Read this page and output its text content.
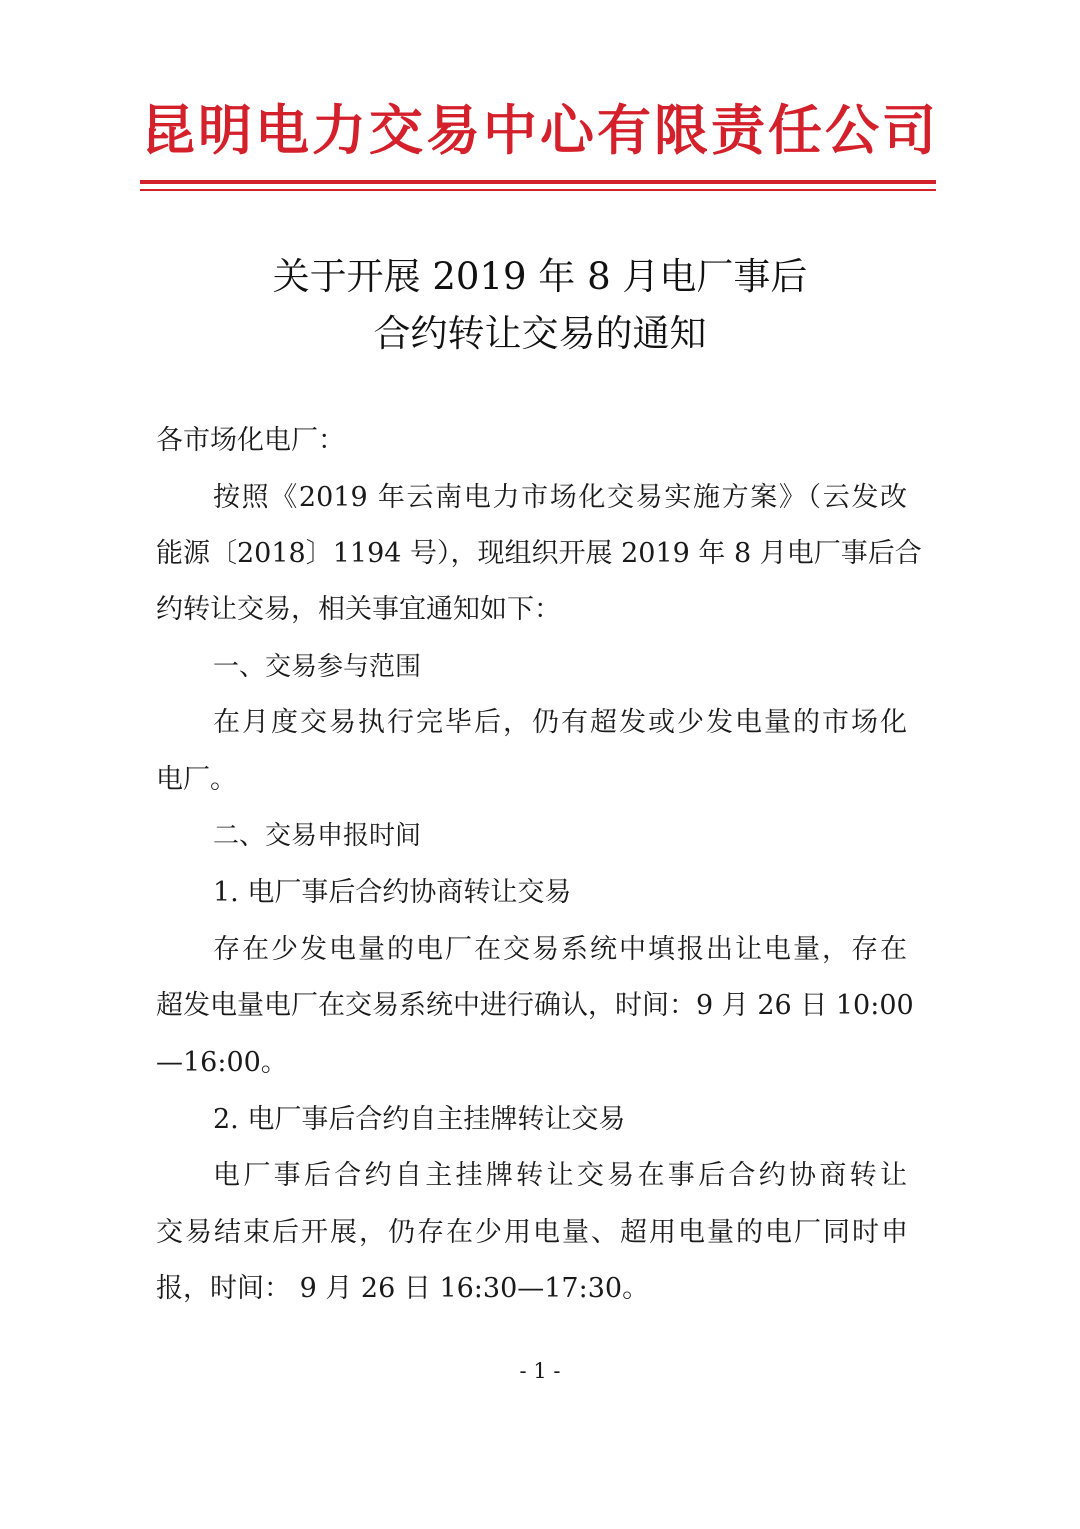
昆明电力交易中心有限责任公司
关于开展 2019 年 8 月电厂事后
合约转让交易的通知
各市场化电厂：
按照《2019 年云南电力市场化交易实施方案》（云发改
能源〔2018〕1194 号），现组织开展 2019 年 8 月电厂事后合
约转让交易，相关事宜通知如下：
一、交易参与范围
在月度交易执行完毕后，仍有超发或少发电量的市场化
电厂。
二、交易申报时间
1. 电厂事后合约协商转让交易
存在少发电量的电厂在交易系统中填报出让电量，存在
超发电量电厂在交易系统中进行确认，时间：9 月 26 日 10:00
—16:00。
2. 电厂事后合约自主挂牌转让交易
电厂事后合约自主挂牌转让交易在事后合约协商转让
交易结束后开展，仍存在少用电量、超用电量的电厂同时申
报，时间： 9 月 26 日 16:30—17:30。
- 1 -
